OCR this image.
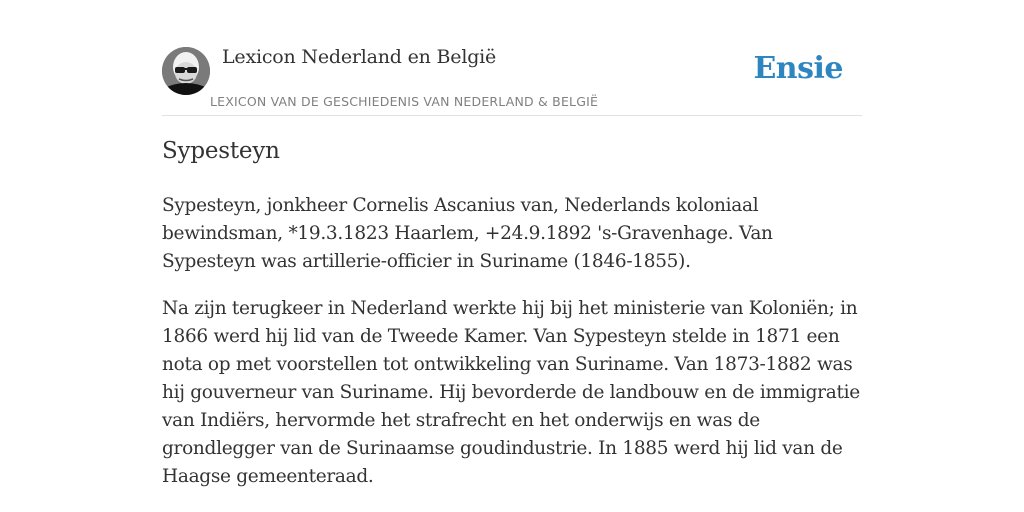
Lexicon Nederland en België
LEXICON VAN DE GESCHIEDENIS VAN NEDERLAND & BELGIË
Ensie
Sypesteyn

Sypesteyn, jonkheer Cornelis Ascanius van, Nederlands koloniaal bewindsman, *19.3.1823 Haarlem, +24.9.1892 's-Gravenhage. Van Sypesteyn was artillerie-officier in Suriname (1846-1855).

Na zijn terugkeer in Nederland werkte hij bij het ministerie van Koloniën; in 1866 werd hij lid van de Tweede Kamer. Van Sypesteyn stelde in 1871 een nota op met voorstellen tot ontwikkeling van Suriname. Van 1873-1882 was hij gouverneur van Suriname. Hij bevorderde de landbouw en de immigratie van Indiërs, hervormde het strafrecht en het onderwijs en was de grondlegger van de Surinaamse goudindustrie. In 1885 werd hij lid van de Haagse gemeenteraad.
